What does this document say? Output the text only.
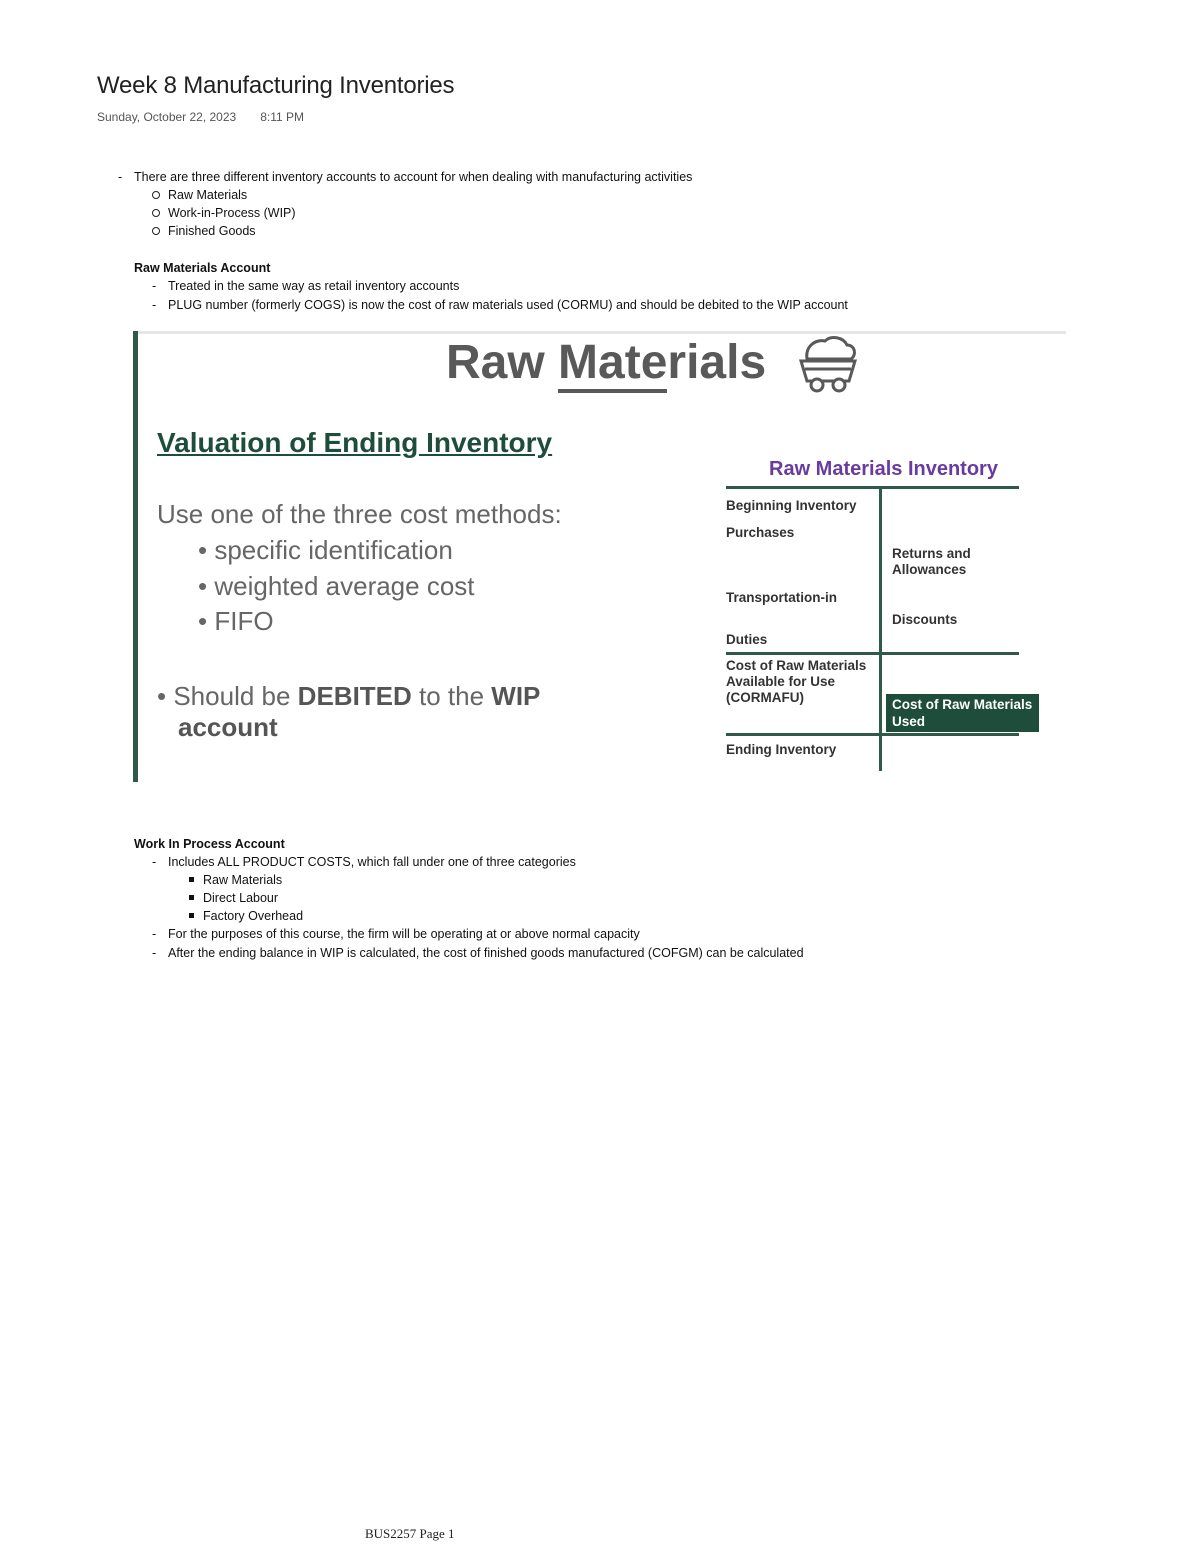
Week 8 Manufacturing Inventories
Sunday, October 22, 2023 8:11 PM
- There are three different inventory accounts to account for when dealing with manufacturing activities
Raw Materials
Work-in-Process (WIP)
Finished Goods
Raw Materials Account
- Treated in the same way as retail inventory accounts
- PLUG number (formerly COGS) is now the cost of raw materials used (CORMU) and should be debited to the WIP account
Raw Materials
Valuation of Ending Inventory
Use one of the three cost methods:
• specific identification
• weighted average cost
• FIFO
• Should be DEBITED to the WIP
account
Raw Materials Inventory
Beginning Inventory
Purchases
Returns and Allowances
Transportation-in
Discounts
Duties
Cost of Raw Materials Available for Use (CORMAFU)	Cost of Raw Materials Used
Ending Inventory
Work In Process Account
- Includes ALL PRODUCT COSTS, which fall under one of three categories
Raw Materials
Direct Labour
Factory Overhead
- For the purposes of this course, the firm will be operating at or above normal capacity
- After the ending balance in WIP is calculated, the cost of finished goods manufactured (COFGM) can be calculated
BUS2257 Page 1
